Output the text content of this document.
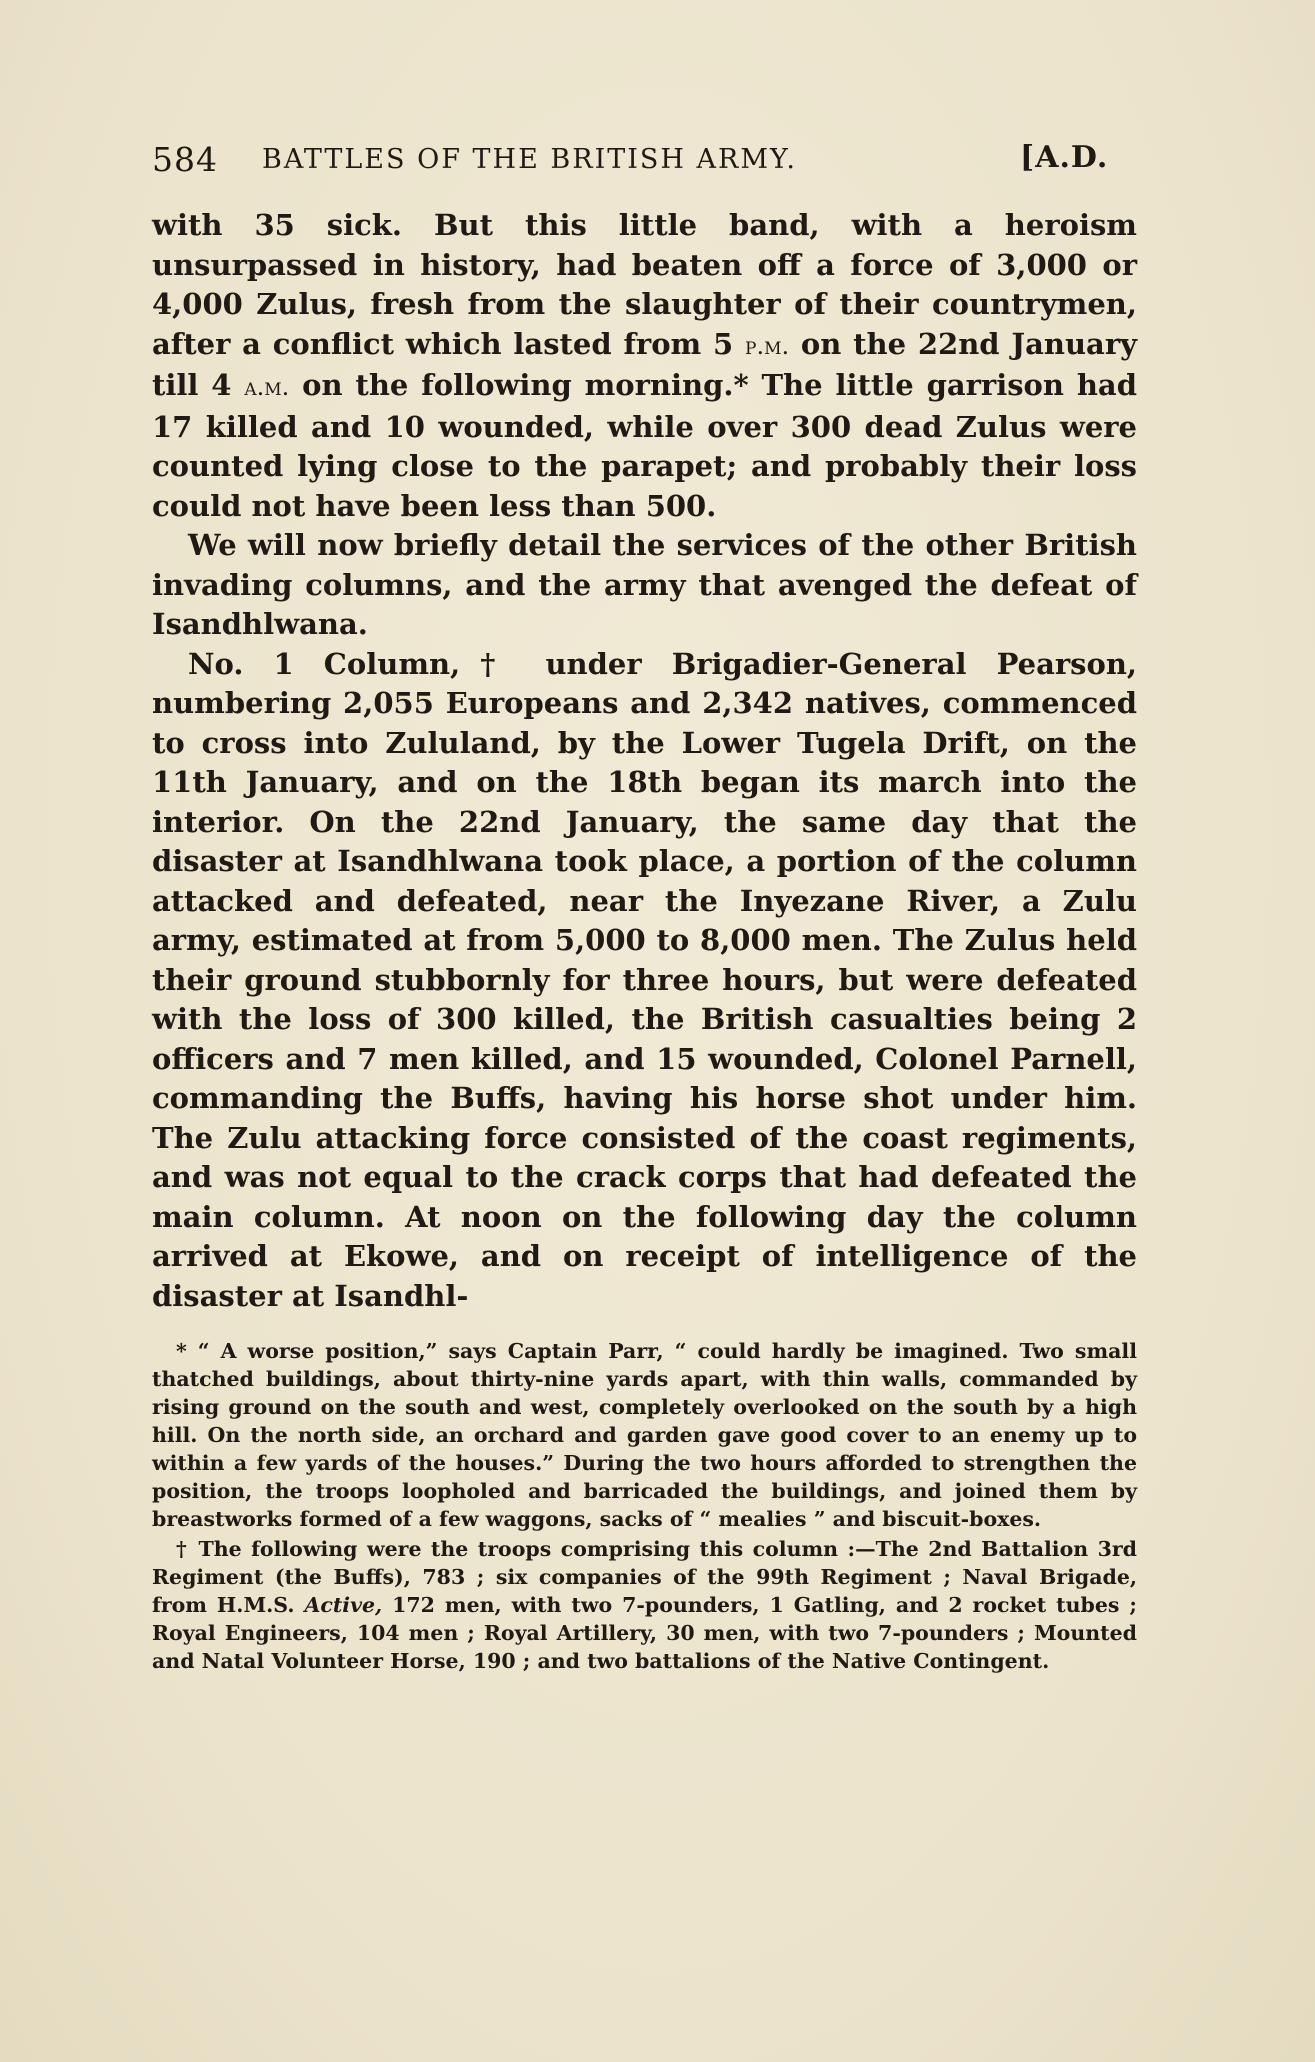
584 BATTLES OF THE BRITISH ARMY.	[A.D.

with 35 sick. But this little band, with a heroism unsurpassed in history, had beaten off a force of 3,000 or 4,000 Zulus, fresh from the slaughter of their countrymen, after a conflict which lasted from 5 p.m. on the 22nd January till 4 a.m. on the following morning.* The little garrison had 17 killed and 10 wounded, while over 300 dead Zulus were counted lying close to the parapet; and probably their loss could not have been less than 500.

We will now briefly detail the services of the other British invading columns, and the army that avenged the defeat of Isandhlwana.

No. 1 Column,† under Brigadier-General Pearson, numbering 2,055 Europeans and 2,342 natives, commenced to cross into Zululand, by the Lower Tugela Drift, on the 11th January, and on the 18th began its march into the interior. On the 22nd January, the same day that the disaster at Isandhlwana took place, a portion of the column attacked and defeated, near the Inyezane River, a Zulu army, estimated at from 5,000 to 8,000 men. The Zulus held their ground stubbornly for three hours, but were defeated with the loss of 300 killed, the British casualties being 2 officers and 7 men killed, and 15 wounded, Colonel Parnell, commanding the Buffs, having his horse shot under him. The Zulu attacking force consisted of the coast regiments, and was not equal to the crack corps that had defeated the main column. At noon on the following day the column arrived at Ekowe, and on receipt of intelligence of the disaster at Isandhl-

* “ A worse position,” says Captain Parr, “ could hardly be imagined. Two small thatched buildings, about thirty-nine yards apart, with thin walls, commanded by rising ground on the south and west, completely overlooked on the south by a high hill. On the north side, an orchard and garden gave good cover to an enemy up to within a few yards of the houses.” During the two hours afforded to strengthen the position, the troops loopholed and barricaded the buildings, and joined them by breastworks formed of a few waggons, sacks of “ mealies ” and biscuit-boxes.

† The following were the troops comprising this column :—The 2nd Battalion 3rd Regiment (the Buffs), 783 ; six companies of the 99th Regiment ; Naval Brigade, from H.M.S. Active, 172 men, with two 7-pounders, 1 Gatling, and 2 rocket tubes ; Royal Engineers, 104 men ; Royal Artillery, 30 men, with two 7-pounders ; Mounted and Natal Volunteer Horse, 190 ; and two battalions of the Native Contingent.
